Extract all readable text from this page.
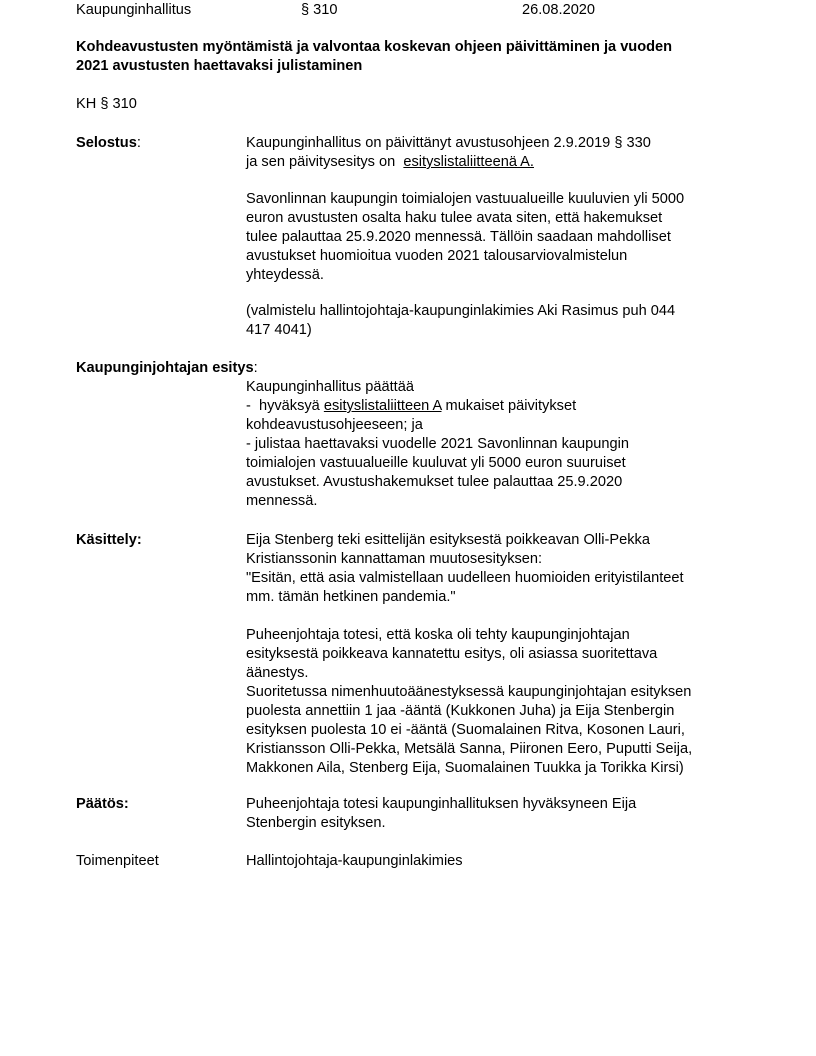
Kaupunginhallitus	§ 310	26.08.2020
Kohdeavustusten myöntämistä ja valvontaa koskevan ohjeen päivittäminen ja vuoden
2021 avustusten haettavaksi julistaminen
KH § 310
Selostus:	Kaupunginhallitus on päivittänyt avustusohjeen 2.9.2019 § 330
ja sen päivitysesitys on  esityslistaliitteenä A.
Savonlinnan kaupungin toimialojen vastuualueille kuuluvien yli 5000
euron avustusten osalta haku tulee avata siten, että hakemukset
tulee palauttaa 25.9.2020 mennessä. Tällöin saadaan mahdolliset
avustukset huomioitua vuoden 2021 talousarviovalmistelun
yhteydessä.
(valmistelu hallintojohtaja-kaupunginlakimies Aki Rasimus puh 044
417 4041)
Kaupunginjohtajan esitys:
Kaupunginhallitus päättää
-  hyväksyä esityslistaliitteen A mukaiset päivitykset
kohdeavustusohjeeseen; ja
- julistaa haettavaksi vuodelle 2021 Savonlinnan kaupungin
toimialojen vastuualueille kuuluvat yli 5000 euron suuruiset
avustukset. Avustushakemukset tulee palauttaa 25.9.2020
mennessä.
Käsittely:	Eija Stenberg teki esittelijän esityksestä poikkeavan Olli-Pekka
Kristianssonin kannattaman muutosesityksen:
"Esitän, että asia valmistellaan uudelleen huomioiden erityistilanteet
mm. tämän hetkinen pandemia."
Puheenjohtaja totesi, että koska oli tehty kaupunginjohtajan
esityksestä poikkeava kannatettu esitys, oli asiassa suoritettava
äänestys.
Suoritetussa nimenhuutoäänestyksessä kaupunginjohtajan esityksen
puolesta annettiin 1 jaa -ääntä (Kukkonen Juha) ja Eija Stenbergin
esityksen puolesta 10 ei -ääntä (Suomalainen Ritva, Kosonen Lauri,
Kristiansson Olli-Pekka, Metsälä Sanna, Piironen Eero, Puputti Seija,
Makkonen Aila, Stenberg Eija, Suomalainen Tuukka ja Torikka Kirsi)
Päätös:	Puheenjohtaja totesi kaupunginhallituksen hyväksyneen Eija
Stenbergin esityksen.
Toimenpiteet	Hallintojohtaja-kaupunginlakimies
